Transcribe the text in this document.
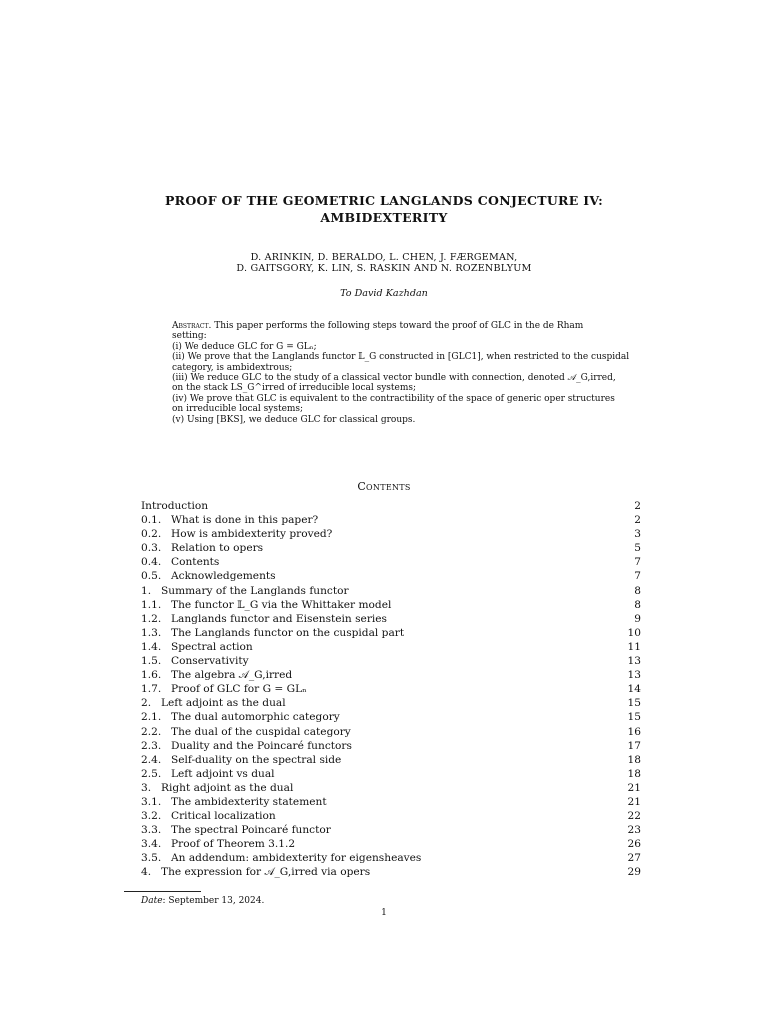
PROOF OF THE GEOMETRIC LANGLANDS CONJECTURE IV:
AMBIDEXTERITY
D. ARINKIN, D. BERALDO, L. CHEN, J. FÆRGEMAN,
D. GAITSGORY, K. LIN, S. RASKIN AND N. ROZENBLYUM
To David Kazhdan
Abstract. This paper performs the following steps toward the proof of GLC in the de Rham
setting:
(i) We deduce GLC for G = GLₙ;
(ii) We prove that the Langlands functor 𝕃_G constructed in [GLC1], when restricted to the cuspidal
category, is ambidextrous;
(iii) We reduce GLC to the study of a classical vector bundle with connection, denoted 𝒜_G,irred,
on the stack LS_G^irred of irreducible local systems;
(iv) We prove that GLC is equivalent to the contractibility of the space of generic oper structures
on irreducible local systems;
(v) Using [BKS], we deduce GLC for classical groups.
Contents
Introduction	2
0.1. What is done in this paper?	2
0.2. How is ambidexterity proved?	3
0.3. Relation to opers	5
0.4. Contents	7
0.5. Acknowledgements	7
1. Summary of the Langlands functor	8
1.1. The functor 𝕃_G via the Whittaker model	8
1.2. Langlands functor and Eisenstein series	9
1.3. The Langlands functor on the cuspidal part	10
1.4. Spectral action	11
1.5. Conservativity	13
1.6. The algebra 𝒜_G,irred	13
1.7. Proof of GLC for G = GLₙ	14
2. Left adjoint as the dual	15
2.1. The dual automorphic category	15
2.2. The dual of the cuspidal category	16
2.3. Duality and the Poincaré functors	17
2.4. Self-duality on the spectral side	18
2.5. Left adjoint vs dual	18
3. Right adjoint as the dual	21
3.1. The ambidexterity statement	21
3.2. Critical localization	22
3.3. The spectral Poincaré functor	23
3.4. Proof of Theorem 3.1.2	26
3.5. An addendum: ambidexterity for eigensheaves	27
4. The expression for 𝒜_G,irred via opers	29
Date: September 13, 2024.
1
